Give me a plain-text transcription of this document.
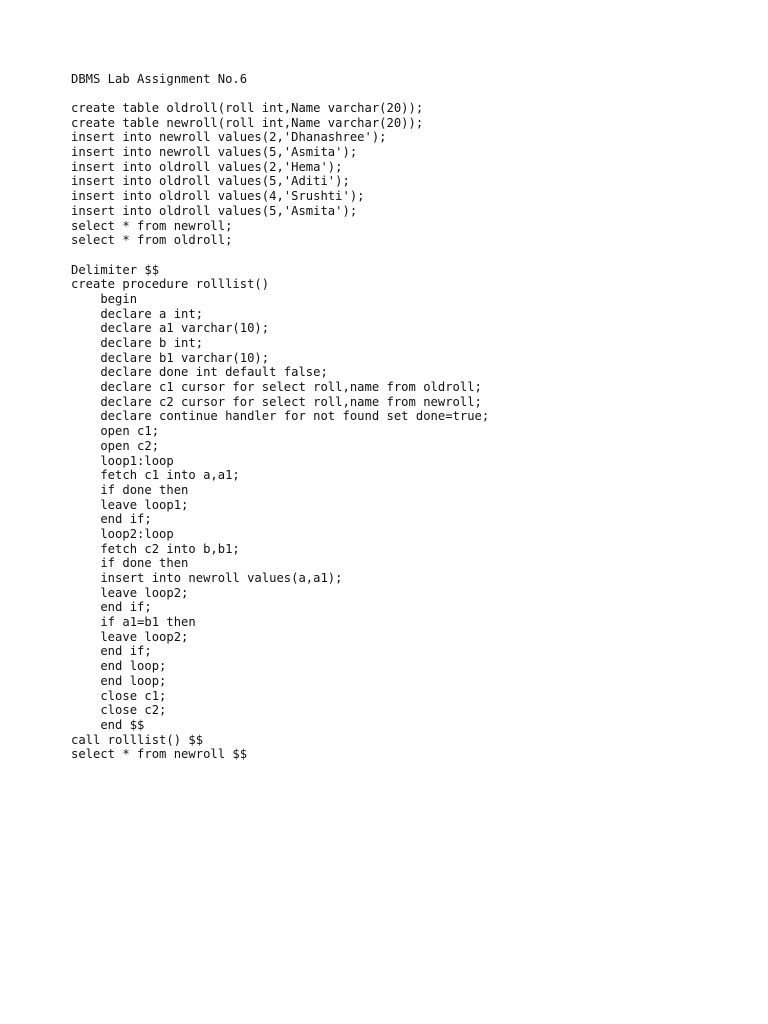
DBMS Lab Assignment No.6
create table oldroll(roll int,Name varchar(20));
create table newroll(roll int,Name varchar(20));
insert into newroll values(2,'Dhanashree');
insert into newroll values(5,'Asmita');
insert into oldroll values(2,'Hema');
insert into oldroll values(5,'Aditi');
insert into oldroll values(4,'Srushti');
insert into oldroll values(5,'Asmita');
select * from newroll;
select * from oldroll;
Delimiter $$
create procedure rolllist()
begin
declare a int;
declare a1 varchar(10);
declare b int;
declare b1 varchar(10);
declare done int default false;
declare c1 cursor for select roll,name from oldroll;
declare c2 cursor for select roll,name from newroll;
declare continue handler for not found set done=true;
open c1;
open c2;
loop1:loop
fetch c1 into a,a1;
if done then
leave loop1;
end if;
loop2:loop
fetch c2 into b,b1;
if done then
insert into newroll values(a,a1);
leave loop2;
end if;
if a1=b1 then
leave loop2;
end if;
end loop;
end loop;
close c1;
close c2;
end $$
call rolllist() $$
select * from newroll $$
